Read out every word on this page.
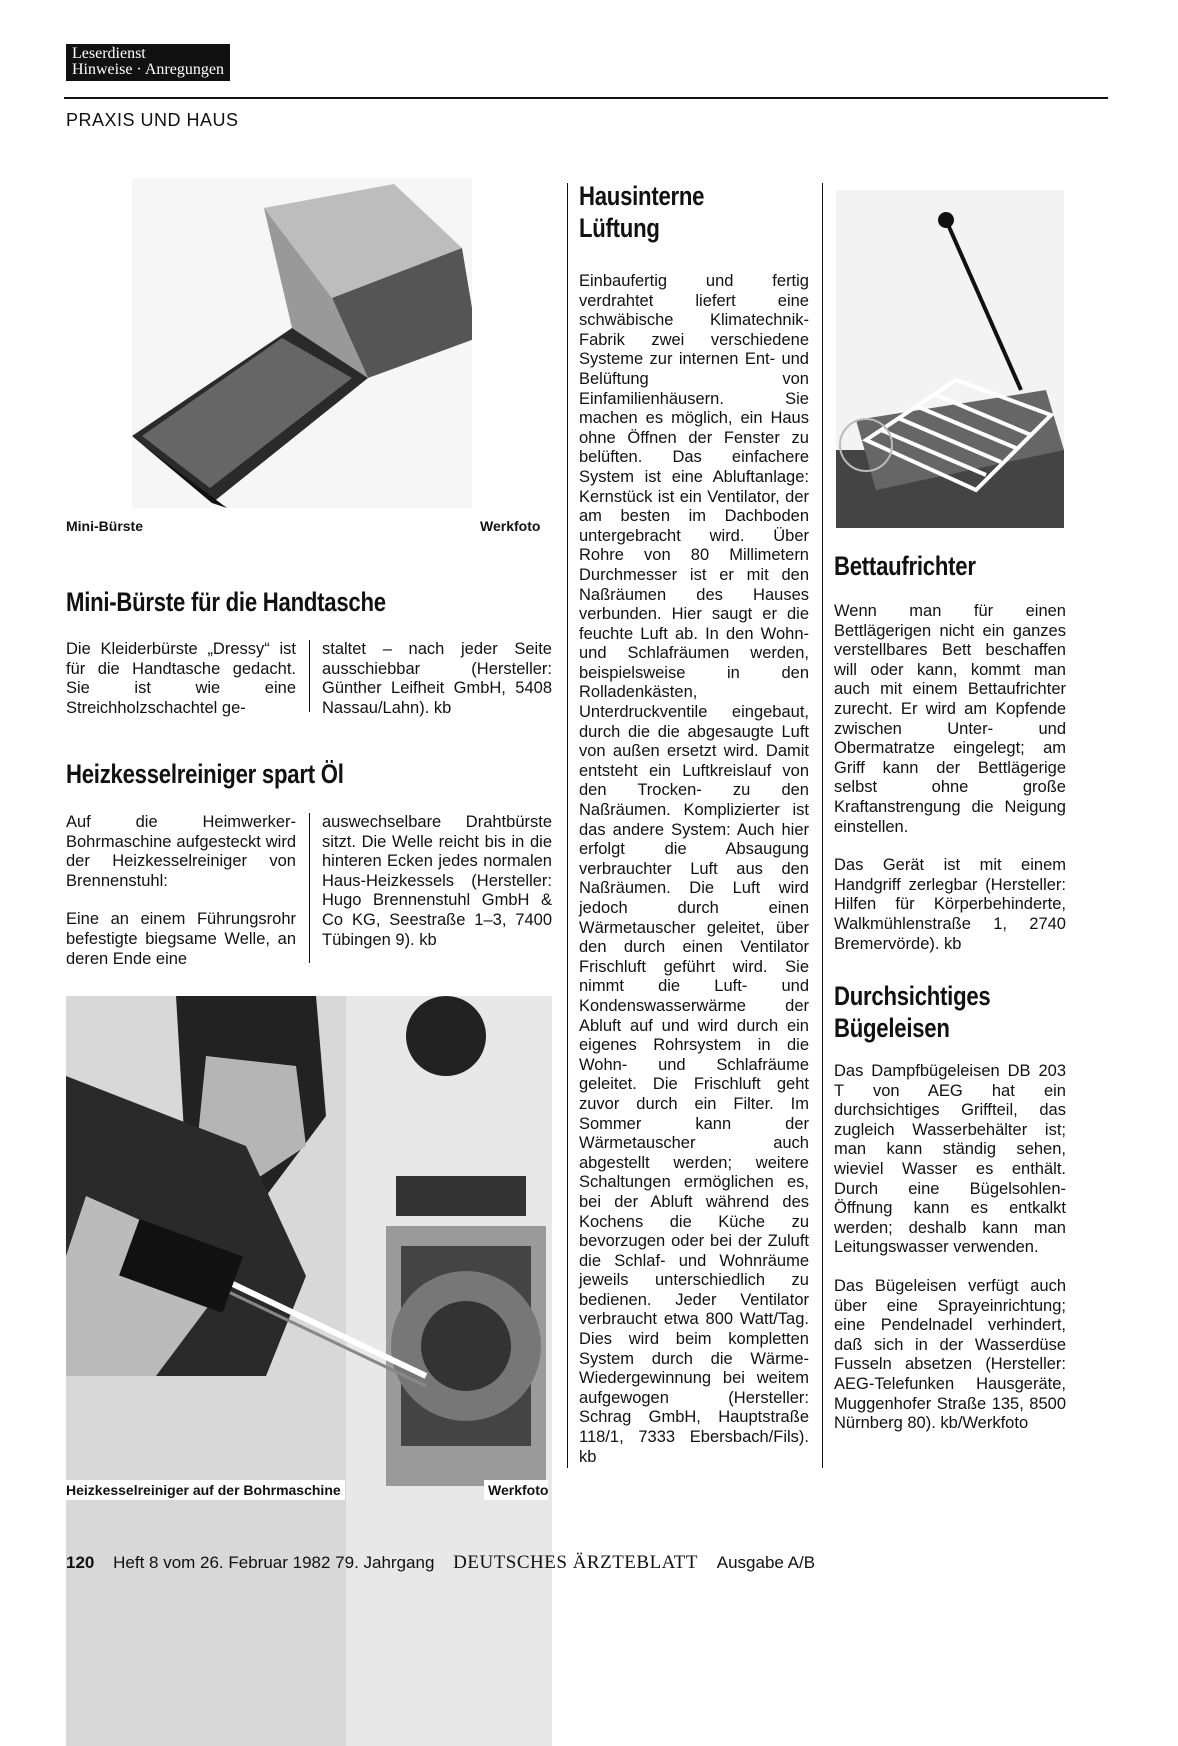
Leserdienst
Hinweise · Anregungen
PRAXIS UND HAUS
Mini-Bürste	Werkfoto
Mini-Bürste für die Handtasche

Die Kleiderbürste „Dressy“ ist für die Handtasche gedacht. Sie ist wie eine Streichholzschachtel ge-

staltet – nach jeder Seite ausschiebbar (Hersteller: Günther Leifheit GmbH, 5408 Nassau/Lahn). kb

Heizkesselreiniger spart Öl

Auf die Heimwerker-Bohrmaschine aufgesteckt wird der Heizkesselreiniger von Brennenstuhl:

Eine an einem Führungsrohr befestigte biegsame Welle, an deren Ende eine

auswechselbare Drahtbürste sitzt. Die Welle reicht bis in die hinteren Ecken jedes normalen Haus-Heizkessels (Hersteller: Hugo Brennenstuhl GmbH & Co KG, Seestraße 1–3, 7400 Tübingen 9). kb

Heizkesselreiniger auf der Bohrmaschine	Werkfoto
Hausinterne
Lüftung

Einbaufertig und fertig verdrahtet liefert eine schwäbische Klimatechnik-Fabrik zwei verschiedene Systeme zur internen Ent- und Belüftung von Einfamilienhäusern. Sie machen es möglich, ein Haus ohne Öffnen der Fenster zu belüften. Das einfachere System ist eine Abluftanlage: Kernstück ist ein Ventilator, der am besten im Dachboden untergebracht wird. Über Rohre von 80 Millimetern Durchmesser ist er mit den Naßräumen des Hauses verbunden. Hier saugt er die feuchte Luft ab. In den Wohn- und Schlafräumen werden, beispielsweise in den Rolladenkästen, Unterdruckventile eingebaut, durch die die abgesaugte Luft von außen ersetzt wird. Damit entsteht ein Luftkreislauf von den Trocken- zu den Naßräumen. Komplizierter ist das andere System: Auch hier erfolgt die Absaugung verbrauchter Luft aus den Naßräumen. Die Luft wird jedoch durch einen Wärmetauscher geleitet, über den durch einen Ventilator Frischluft geführt wird. Sie nimmt die Luft- und Kondenswasserwärme der Abluft auf und wird durch ein eigenes Rohrsystem in die Wohn- und Schlafräume geleitet. Die Frischluft geht zuvor durch ein Filter. Im Sommer kann der Wärmetauscher auch abgestellt werden; weitere Schaltungen ermöglichen es, bei der Abluft während des Kochens die Küche zu bevorzugen oder bei der Zuluft die Schlaf- und Wohnräume jeweils unterschiedlich zu bedienen. Jeder Ventilator verbraucht etwa 800 Watt/Tag. Dies wird beim kompletten System durch die Wärme-Wiedergewinnung bei weitem aufgewogen (Hersteller: Schrag GmbH, Hauptstraße 118/1, 7333 Ebersbach/Fils). kb

Bettaufrichter

Wenn man für einen Bettlägerigen nicht ein ganzes verstellbares Bett beschaffen will oder kann, kommt man auch mit einem Bettaufrichter zurecht. Er wird am Kopfende zwischen Unter- und Obermatratze eingelegt; am Griff kann der Bettlägerige selbst ohne große Kraftanstrengung die Neigung einstellen.

Das Gerät ist mit einem Handgriff zerlegbar (Hersteller: Hilfen für Körperbehinderte, Walkmühlenstraße 1, 2740 Bremervörde). kb

Durchsichtiges
Bügeleisen

Das Dampfbügeleisen DB 203 T von AEG hat ein durchsichtiges Griffteil, das zugleich Wasserbehälter ist; man kann ständig sehen, wieviel Wasser es enthält. Durch eine Bügelsohlen-Öffnung kann es entkalkt werden; deshalb kann man Leitungswasser verwenden.

Das Bügeleisen verfügt auch über eine Sprayeinrichtung; eine Pendelnadel verhindert, daß sich in der Wasserdüse Fusseln absetzen (Hersteller: AEG-Telefunken Hausgeräte, Muggenhofer Straße 135, 8500 Nürnberg 80). kb/Werkfoto

120 Heft 8 vom 26. Februar 1982 79. Jahrgang DEUTSCHES ÄRZTEBLATT Ausgabe A/B
